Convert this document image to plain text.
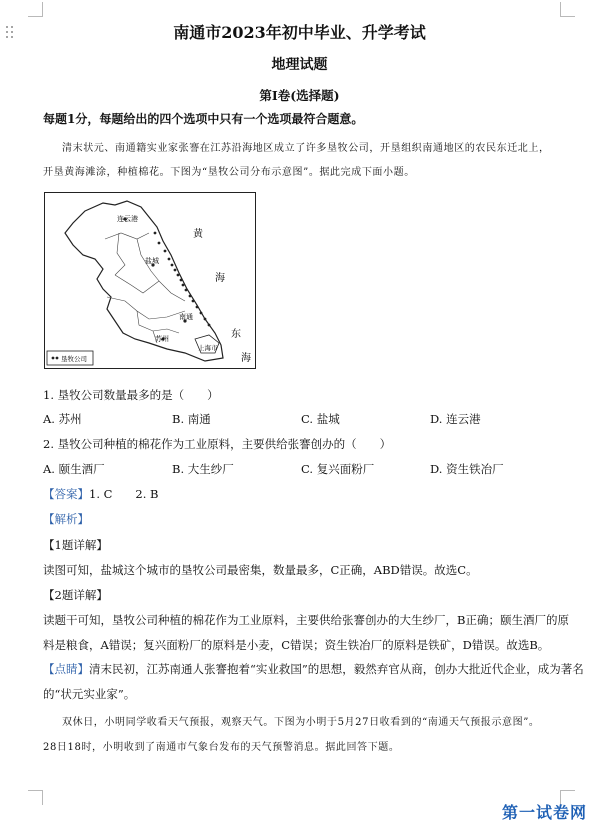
南通市2023年初中毕业、升学考试
地理试题
第Ⅰ卷(选择题)
每题1分，每题给出的四个选项中只有一个选项最符合题意。
清末状元、南通籍实业家张謇在江苏沿海地区成立了许多垦牧公司，开垦组织南通地区的农民东迁北上，
开垦黄海滩涂，种植棉花。下图为“垦牧公司分布示意图”。据此完成下面小题。
连云港
黄
海
盐城
南通
苏州
上海市
东
海
垦牧公司
1. 垦牧公司数量最多的是（　　）
A. 苏州	B. 南通	C. 盐城	D. 连云港
2. 垦牧公司种植的棉花作为工业原料，主要供给张謇创办的（　　）
A. 颐生酒厂	B. 大生纱厂	C. 复兴面粉厂	D. 资生铁冶厂
【答案】1. C　　2. B
【解析】
【1题详解】
读图可知，盐城这个城市的垦牧公司最密集，数量最多，C正确，ABD错误。故选C。
【2题详解】
读题干可知，垦牧公司种植的棉花作为工业原料，主要供给张謇创办的大生纱厂，B正确；颐生酒厂的原
料是粮食，A错误；复兴面粉厂的原料是小麦，C错误；资生铁冶厂的原料是铁矿，D错误。故选B。
【点睛】清末民初，江苏南通人张謇抱着“实业救国”的思想，毅然弃官从商，创办大批近代企业，成为著名
的“状元实业家”。
双休日，小明同学收看天气预报，观察天气。下图为小明于5月27日收看到的“南通天气预报示意图”。
28日18时，小明收到了南通市气象台发布的天气预警消息。据此回答下题。
第一试卷网
